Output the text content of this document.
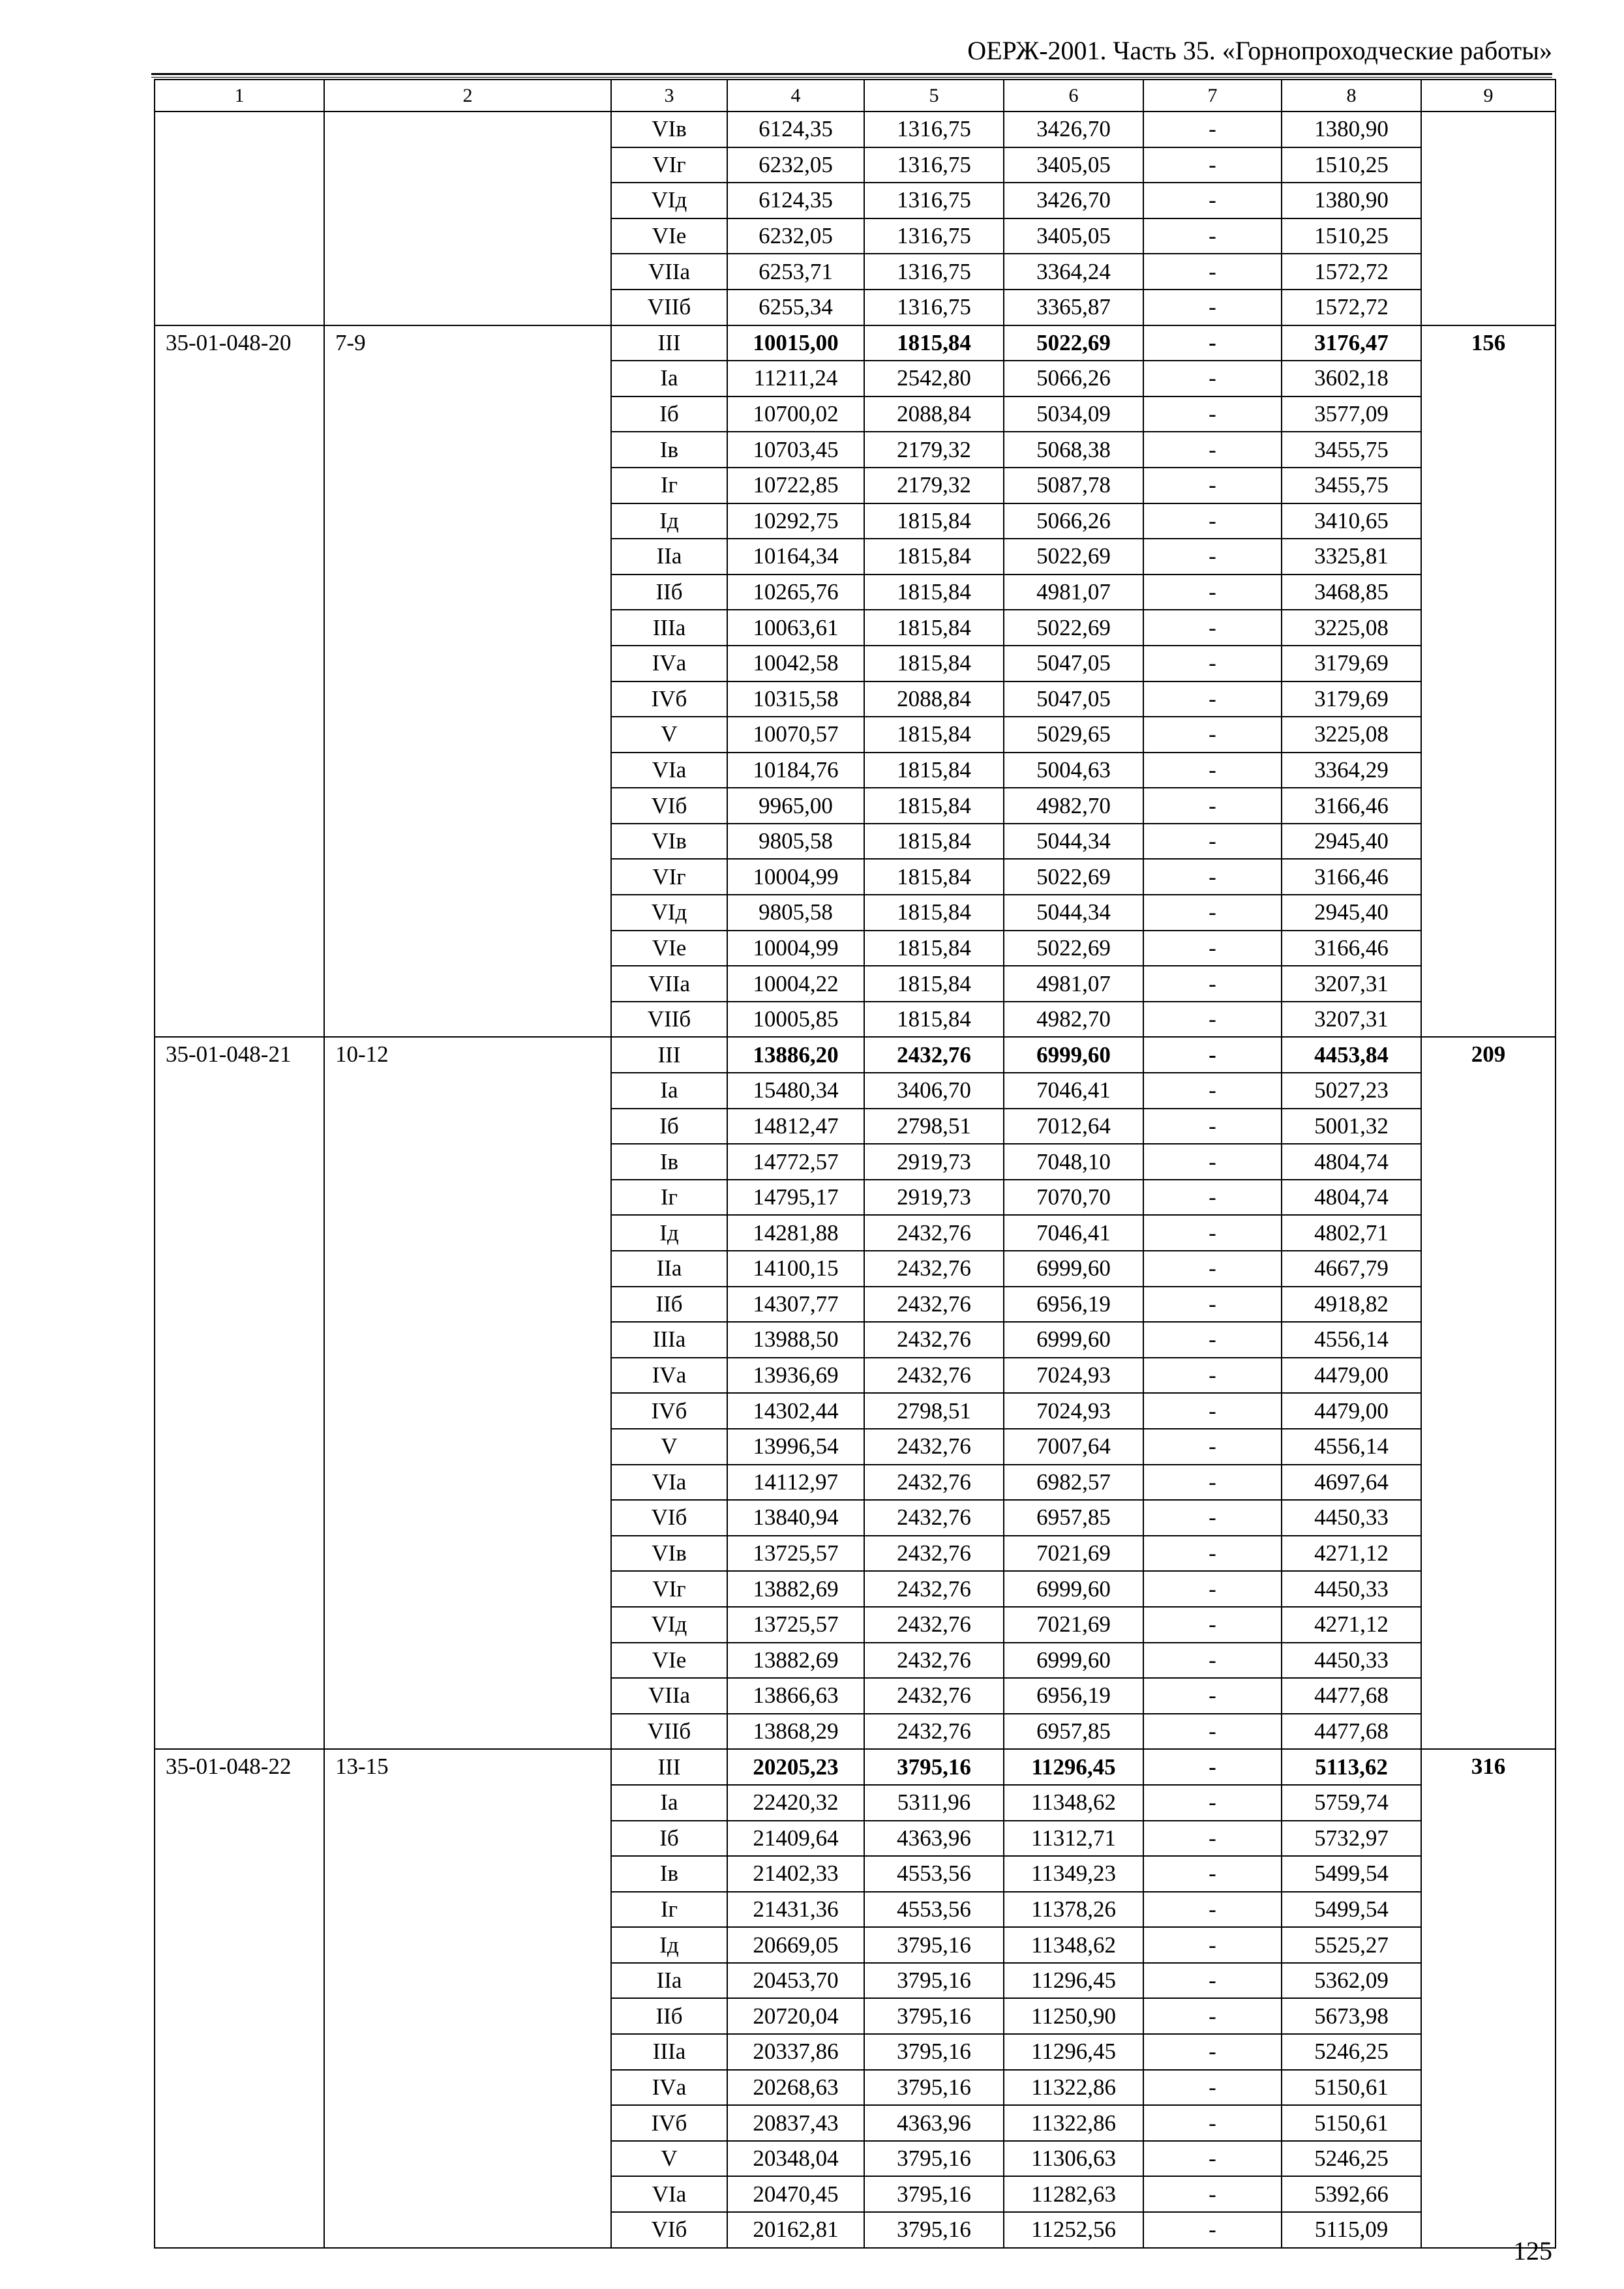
ОЕРЖ-2001. Часть 35. «Горнопроходческие работы»
1	2	3	4	5	6	7	8	9
		VIв	6124,35	1316,75	3426,70	-	1380,90	
		VIг	6232,05	1316,75	3405,05	-	1510,25	
		VIд	6124,35	1316,75	3426,70	-	1380,90	
		VIе	6232,05	1316,75	3405,05	-	1510,25	
		VIIа	6253,71	1316,75	3364,24	-	1572,72	
		VIIб	6255,34	1316,75	3365,87	-	1572,72	
35-01-048-20	7-9	III	10015,00	1815,84	5022,69	-	3176,47	156
		Iа	11211,24	2542,80	5066,26	-	3602,18	
		Iб	10700,02	2088,84	5034,09	-	3577,09	
		Iв	10703,45	2179,32	5068,38	-	3455,75	
		Iг	10722,85	2179,32	5087,78	-	3455,75	
		Iд	10292,75	1815,84	5066,26	-	3410,65	
		IIа	10164,34	1815,84	5022,69	-	3325,81	
		IIб	10265,76	1815,84	4981,07	-	3468,85	
		IIIа	10063,61	1815,84	5022,69	-	3225,08	
		IVа	10042,58	1815,84	5047,05	-	3179,69	
		IVб	10315,58	2088,84	5047,05	-	3179,69	
		V	10070,57	1815,84	5029,65	-	3225,08	
		VIа	10184,76	1815,84	5004,63	-	3364,29	
		VIб	9965,00	1815,84	4982,70	-	3166,46	
		VIв	9805,58	1815,84	5044,34	-	2945,40	
		VIг	10004,99	1815,84	5022,69	-	3166,46	
		VIд	9805,58	1815,84	5044,34	-	2945,40	
		VIе	10004,99	1815,84	5022,69	-	3166,46	
		VIIа	10004,22	1815,84	4981,07	-	3207,31	
		VIIб	10005,85	1815,84	4982,70	-	3207,31	
35-01-048-21	10-12	III	13886,20	2432,76	6999,60	-	4453,84	209
		Iа	15480,34	3406,70	7046,41	-	5027,23	
		Iб	14812,47	2798,51	7012,64	-	5001,32	
		Iв	14772,57	2919,73	7048,10	-	4804,74	
		Iг	14795,17	2919,73	7070,70	-	4804,74	
		Iд	14281,88	2432,76	7046,41	-	4802,71	
		IIа	14100,15	2432,76	6999,60	-	4667,79	
		IIб	14307,77	2432,76	6956,19	-	4918,82	
		IIIа	13988,50	2432,76	6999,60	-	4556,14	
		IVа	13936,69	2432,76	7024,93	-	4479,00	
		IVб	14302,44	2798,51	7024,93	-	4479,00	
		V	13996,54	2432,76	7007,64	-	4556,14	
		VIа	14112,97	2432,76	6982,57	-	4697,64	
		VIб	13840,94	2432,76	6957,85	-	4450,33	
		VIв	13725,57	2432,76	7021,69	-	4271,12	
		VIг	13882,69	2432,76	6999,60	-	4450,33	
		VIд	13725,57	2432,76	7021,69	-	4271,12	
		VIе	13882,69	2432,76	6999,60	-	4450,33	
		VIIа	13866,63	2432,76	6956,19	-	4477,68	
		VIIб	13868,29	2432,76	6957,85	-	4477,68	
35-01-048-22	13-15	III	20205,23	3795,16	11296,45	-	5113,62	316
		Iа	22420,32	5311,96	11348,62	-	5759,74	
		Iб	21409,64	4363,96	11312,71	-	5732,97	
		Iв	21402,33	4553,56	11349,23	-	5499,54	
		Iг	21431,36	4553,56	11378,26	-	5499,54	
		Iд	20669,05	3795,16	11348,62	-	5525,27	
		IIа	20453,70	3795,16	11296,45	-	5362,09	
		IIб	20720,04	3795,16	11250,90	-	5673,98	
		IIIа	20337,86	3795,16	11296,45	-	5246,25	
		IVа	20268,63	3795,16	11322,86	-	5150,61	
		IVб	20837,43	4363,96	11322,86	-	5150,61	
		V	20348,04	3795,16	11306,63	-	5246,25	
		VIа	20470,45	3795,16	11282,63	-	5392,66	
		VIб	20162,81	3795,16	11252,56	-	5115,09	
125
